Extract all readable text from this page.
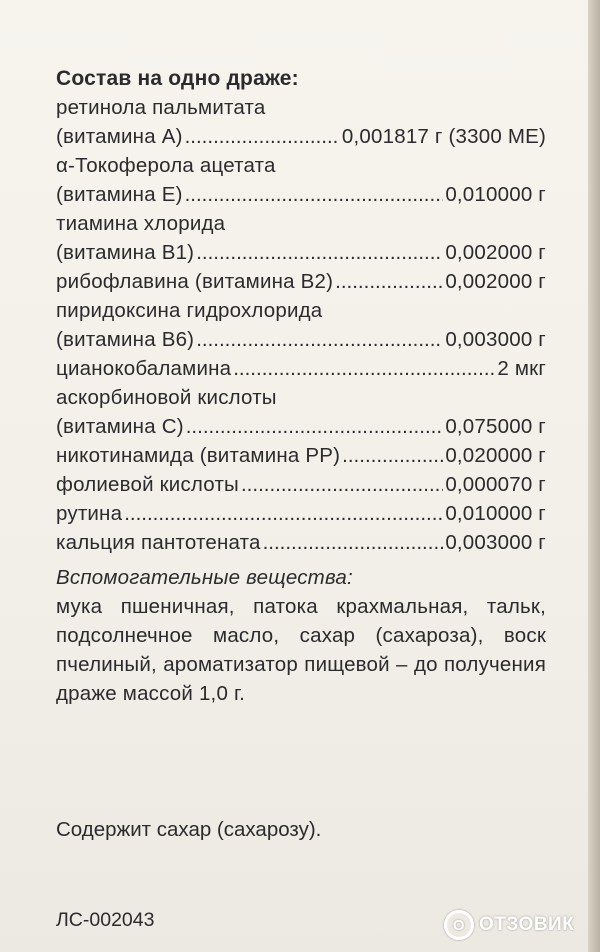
Состав на одно драже:
ретинола пальмитата
(витамина А) .....	0,001817 г (3300 МЕ)
α-Токоферола ацетата
(витамина Е) .....	0,010000 г
тиамина хлорида
(витамина В1) .....	0,002000 г
рибофлавина (витамина В2) .....	0,002000 г
пиридоксина гидрохлорида
(витамина В6) .....	0,003000 г
цианокобаламина .....	2 мкг
аскорбиновой кислоты
(витамина С) .....	0,075000 г
никотинамида (витамина РР) .....	0,020000 г
фолиевой кислоты .....	0,000070 г
рутина .....	0,010000 г
кальция пантотената .....	0,003000 г
Вспомогательные вещества:
мука пшеничная, патока крахмальная, тальк, подсолнечное масло, сахар (сахароза), воск пчелиный, ароматизатор пищевой – до получения драже массой 1,0 г.
Содержит сахар (сахарозу).
ЛС-002043	О ОТЗОВИК
